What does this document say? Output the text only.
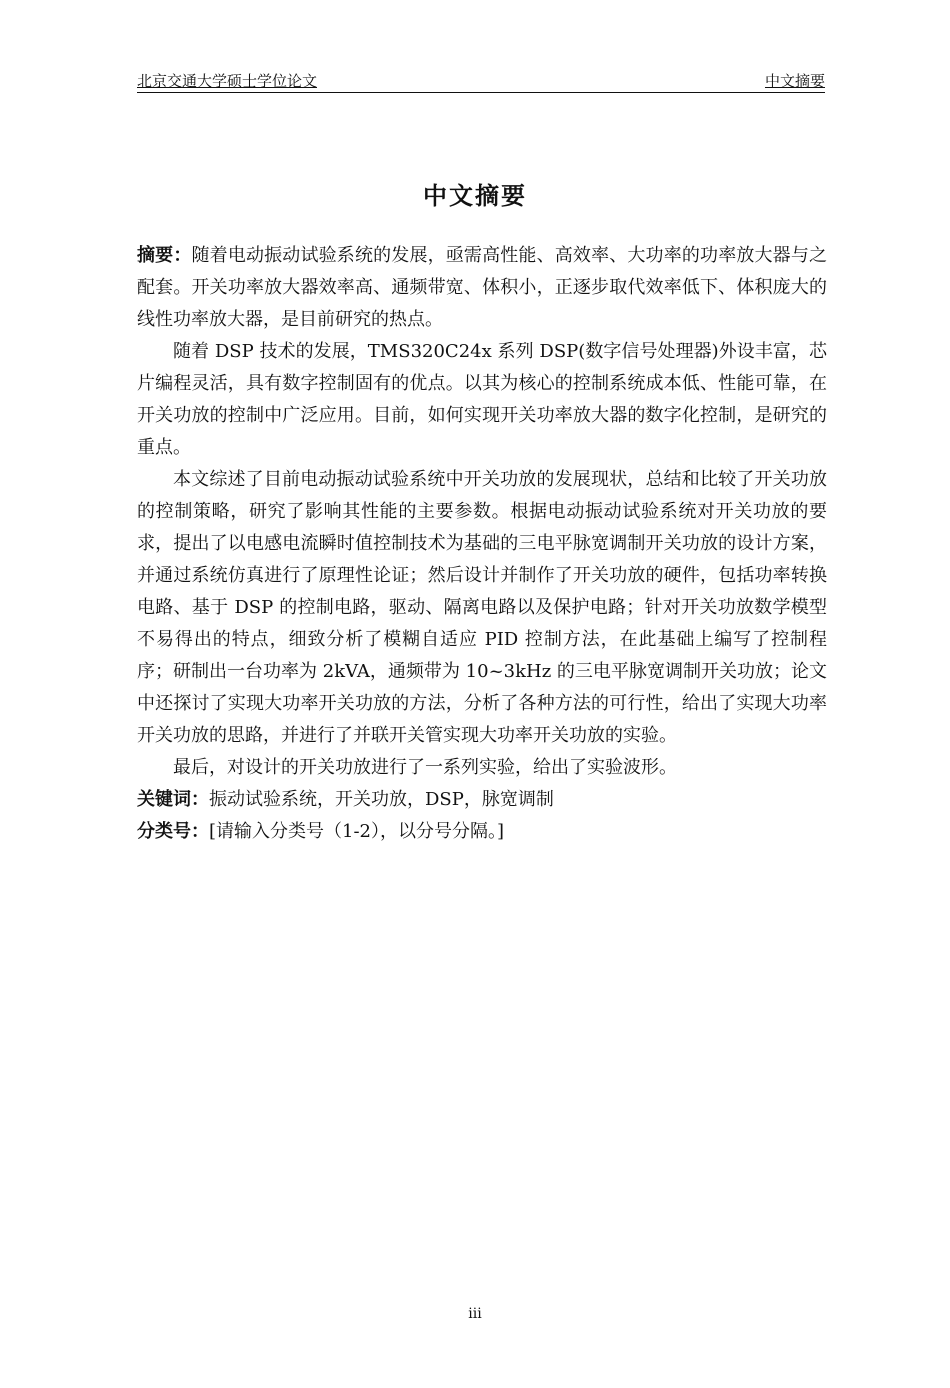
北京交通大学硕士学位论文	中文摘要
中文摘要

摘要：随着电动振动试验系统的发展，亟需高性能、高效率、大功率的功率放大器与之配套。开关功率放大器效率高、通频带宽、体积小，正逐步取代效率低下、体积庞大的线性功率放大器，是目前研究的热点。

随着 DSP 技术的发展，TMS320C24x 系列 DSP(数字信号处理器)外设丰富，芯片编程灵活，具有数字控制固有的优点。以其为核心的控制系统成本低、性能可靠，在开关功放的控制中广泛应用。目前，如何实现开关功率放大器的数字化控制，是研究的重点。

本文综述了目前电动振动试验系统中开关功放的发展现状，总结和比较了开关功放的控制策略，研究了影响其性能的主要参数。根据电动振动试验系统对开关功放的要求，提出了以电感电流瞬时值控制技术为基础的三电平脉宽调制开关功放的设计方案，并通过系统仿真进行了原理性论证；然后设计并制作了开关功放的硬件，包括功率转换电路、基于 DSP 的控制电路，驱动、隔离电路以及保护电路；针对开关功放数学模型不易得出的特点，细致分析了模糊自适应 PID 控制方法，在此基础上编写了控制程序；研制出一台功率为 2kVA，通频带为 10~3kHz 的三电平脉宽调制开关功放；论文中还探讨了实现大功率开关功放的方法，分析了各种方法的可行性，给出了实现大功率开关功放的思路，并进行了并联开关管实现大功率开关功放的实验。

最后，对设计的开关功放进行了一系列实验，给出了实验波形。

关键词：振动试验系统，开关功放，DSP，脉宽调制

分类号：[请输入分类号（1-2），以分号分隔。]

iii
